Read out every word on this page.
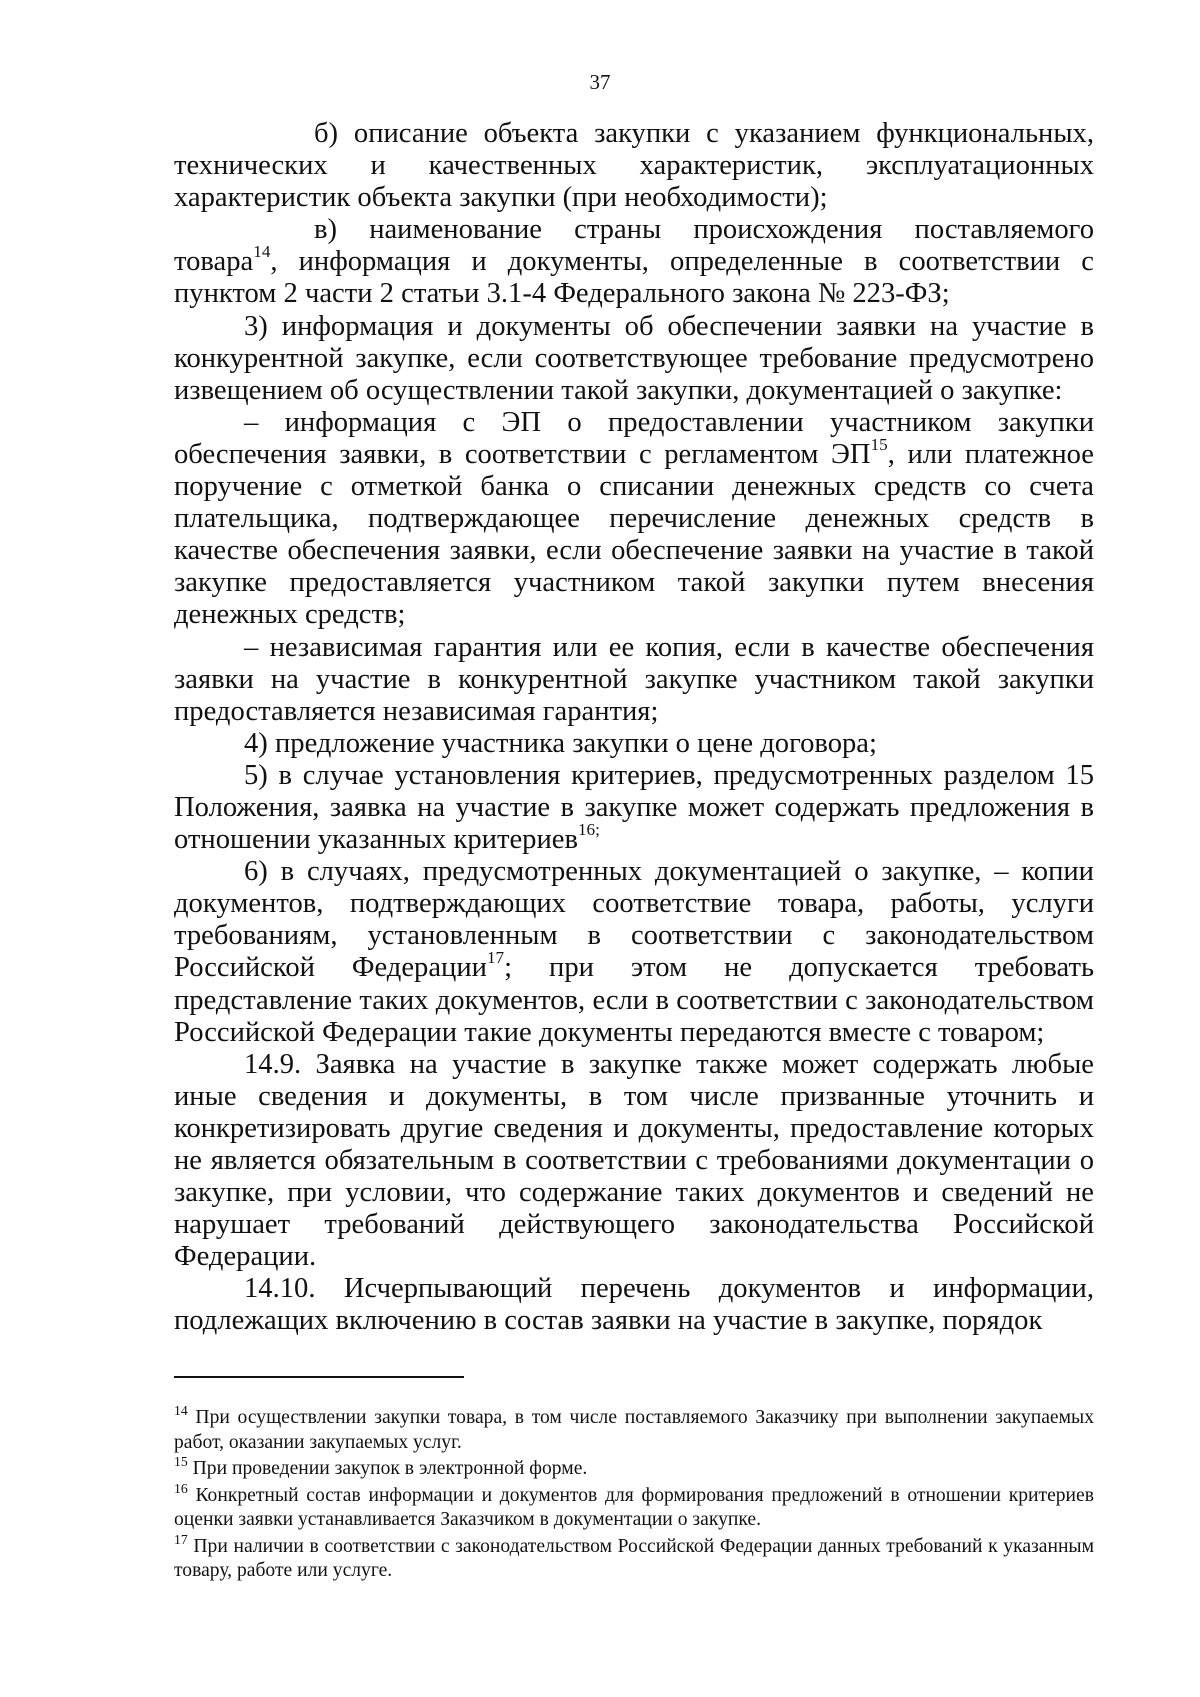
37

б) описание объекта закупки с указанием функциональных, технических и качественных характеристик, эксплуатационных характеристик объекта закупки (при необходимости);

в) наименование страны происхождения поставляемого товара$^{14}$, информация и документы, определенные в соответствии с пунктом 2 части 2 статьи 3.1-4 Федерального закона № 223-ФЗ;

3) информация и документы об обеспечении заявки на участие в конкурентной закупке, если соответствующее требование предусмотрено извещением об осуществлении такой закупки, документацией о закупке:

– информация с ЭП о предоставлении участником закупки обеспечения заявки, в соответствии с регламентом ЭП$^{15}$, или платежное поручение с отметкой банка о списании денежных средств со счета плательщика, подтверждающее перечисление денежных средств в качестве обеспечения заявки, если обеспечение заявки на участие в такой закупке предоставляется участником такой закупки путем внесения денежных средств;

– независимая гарантия или ее копия, если в качестве обеспечения заявки на участие в конкурентной закупке участником такой закупки предоставляется независимая гарантия;

4) предложение участника закупки о цене договора;

5) в случае установления критериев, предусмотренных разделом 15 Положения, заявка на участие в закупке может содержать предложения в отношении указанных критериев$^{16;}$

6) в случаях, предусмотренных документацией о закупке, – копии документов, подтверждающих соответствие товара, работы, услуги требованиям, установленным в соответствии с законодательством Российской Федерации$^{17}$; при этом не допускается требовать представление таких документов, если в соответствии с законодательством Российской Федерации такие документы передаются вместе с товаром;

14.9. Заявка на участие в закупке также может содержать любые иные сведения и документы, в том числе призванные уточнить и конкретизировать другие сведения и документы, предоставление которых не является обязательным в соответствии с требованиями документации о закупке, при условии, что содержание таких документов и сведений не нарушает требований действующего законодательства Российской Федерации.

14.10. Исчерпывающий перечень документов и информации, подлежащих включению в состав заявки на участие в закупке, порядок

$^{14}$ При осуществлении закупки товара, в том числе поставляемого Заказчику при выполнении закупаемых работ, оказании закупаемых услуг.

$^{15}$ При проведении закупок в электронной форме.

$^{16}$ Конкретный состав информации и документов для формирования предложений в отношении критериев оценки заявки устанавливается Заказчиком в документации о закупке.

$^{17}$ При наличии в соответствии с законодательством Российской Федерации данных требований к указанным товару, работе или услуге.
